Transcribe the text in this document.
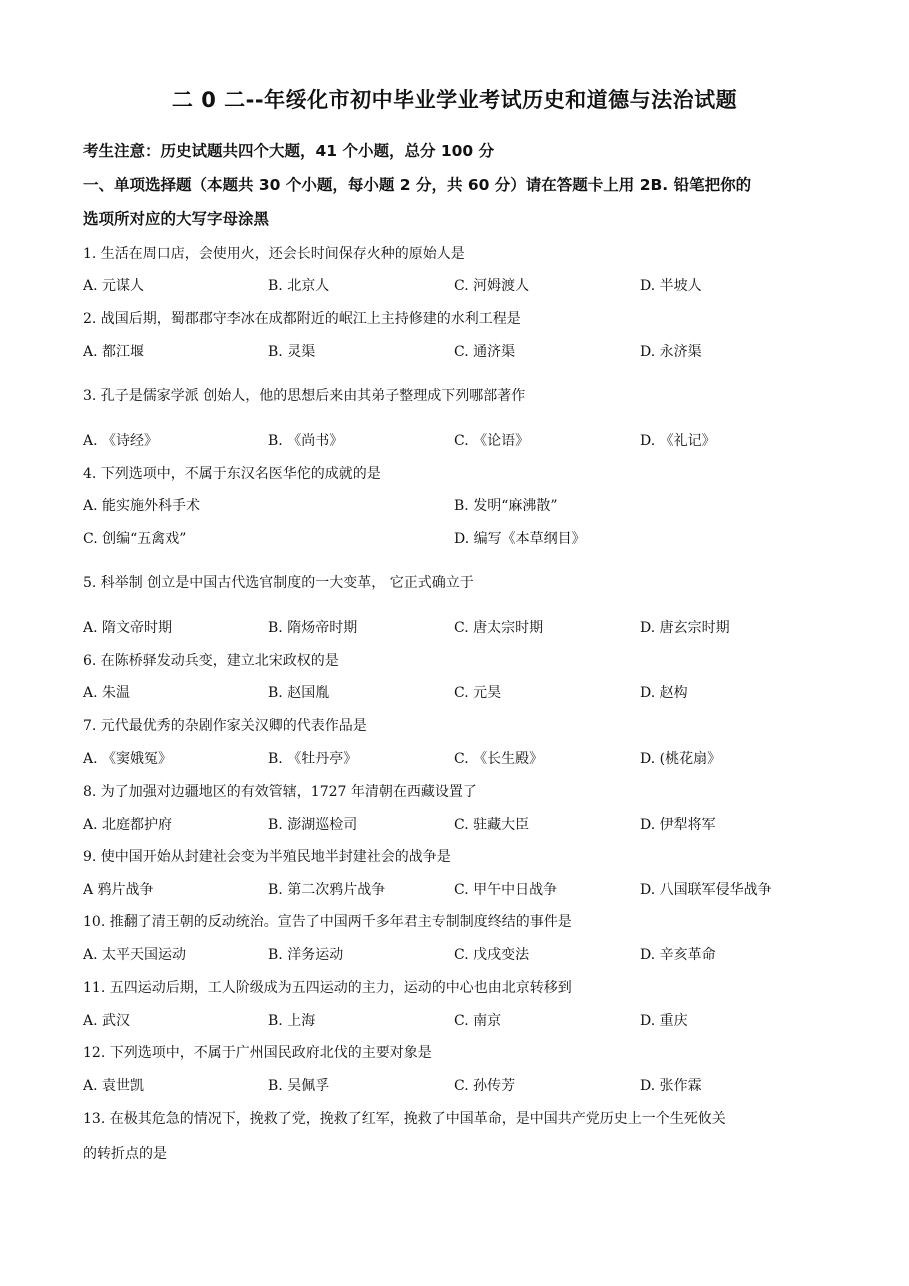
二 0 二--年绥化市初中毕业学业考试历史和道德与法治试题
考生注意：历史试题共四个大题，41 个小题，总分 100 分
一、单项选择题（本题共 30 个小题，每小题 2 分，共 60 分）请在答题卡上用 2B. 铅笔把你的
选项所对应的大写字母涂黑
1. 生活在周口店，会使用火，还会长时间保存火种的原始人是
A. 元谋人	B. 北京人	C. 河姆渡人	D. 半坡人
2. 战国后期，蜀郡郡守李冰在成都附近的岷江上主持修建的水利工程是
A. 都江堰	B. 灵渠	C. 通济渠	D. 永济渠
3. 孔子是儒家学派 创始人，他的思想后来由其弟子整理成下列哪部著作
A. 《诗经》	B. 《尚书》	C. 《论语》	D. 《礼记》
4. 下列选项中，不属于东汉名医华佗的成就的是
A. 能实施外科手术	B. 发明“麻沸散”
C. 创编“五禽戏”	D. 编写《本草纲目》
5. 科举制 创立是中国古代选官制度的一大变革， 它正式确立于
A. 隋文帝时期	B. 隋炀帝时期	C. 唐太宗时期	D. 唐玄宗时期
6. 在陈桥驿发动兵变，建立北宋政权的是
A. 朱温	B. 赵国胤	C. 元昊	D. 赵构
7. 元代最优秀的杂剧作家关汉卿的代表作品是
A. 《窦娥冤》	B. 《牡丹亭》	C. 《长生殿》	D. (桃花扇》
8. 为了加强对边疆地区的有效管辖，1727 年清朝在西藏设置了
A. 北庭都护府	B. 澎湖巡检司	C. 驻藏大臣	D. 伊犁将军
9. 使中国开始从封建社会变为半殖民地半封建社会的战争是
A 鸦片战争	B. 第二次鸦片战争	C. 甲午中日战争	D. 八国联军侵华战争
10. 推翻了清王朝的反动统治。宣告了中国两千多年君主专制制度终结的事件是
A. 太平天国运动	B. 洋务运动	C. 戊戌变法	D. 辛亥革命
11. 五四运动后期，工人阶级成为五四运动的主力，运动的中心也由北京转移到
A. 武汉	B. 上海	C. 南京	D. 重庆
12. 下列选项中，不属于广州国民政府北伐的主要对象是
A. 袁世凯	B. 吴佩孚	C. 孙传芳	D. 张作霖
13. 在极其危急的情况下，挽救了党，挽救了红军，挽救了中国革命，是中国共产党历史上一个生死攸关
的转折点的是
